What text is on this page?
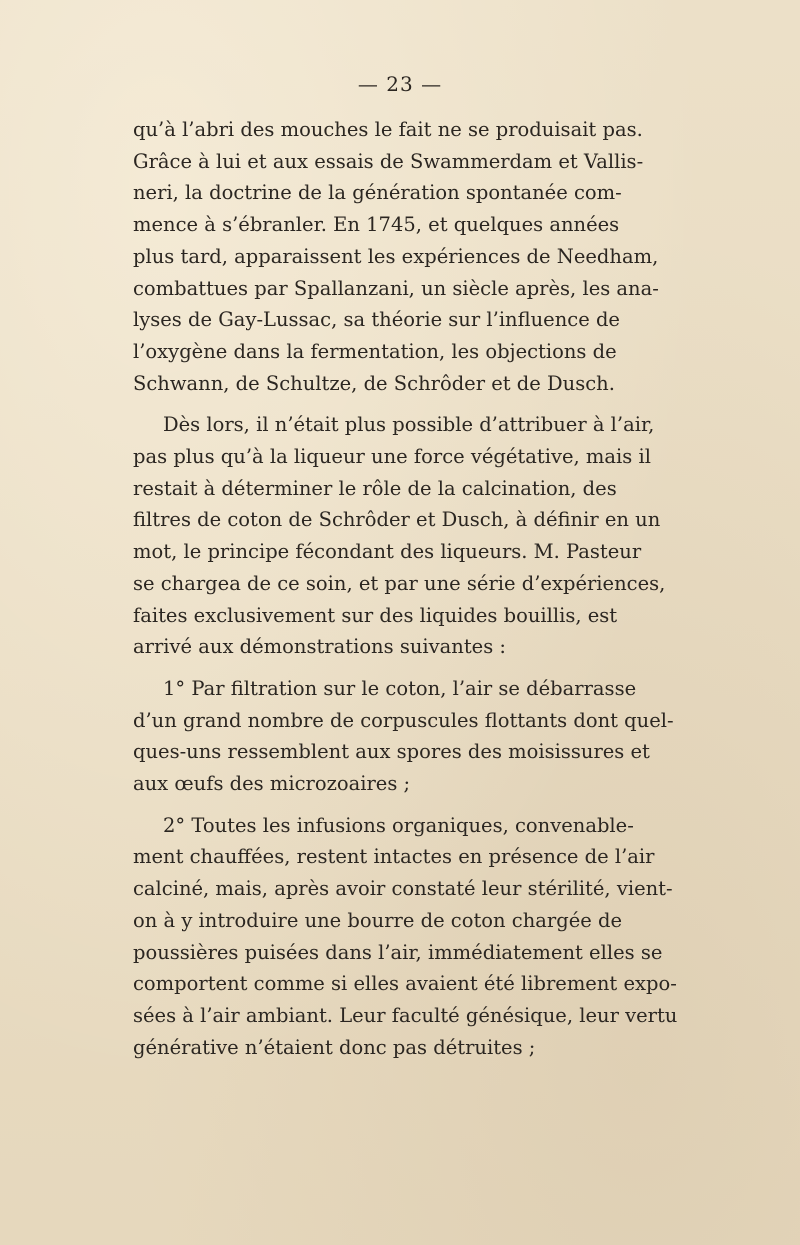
— 23 —

qu’à l’abri des mouches le fait ne se produisait pas.
Grâce à lui et aux essais de Swammerdam et Vallis-
neri, la doctrine de la génération spontanée com-
mence à s’ébranler. En 1745, et quelques années
plus tard, apparaissent les expériences de Needham,
combattues par Spallanzani, un siècle après, les ana-
lyses de Gay-Lussac, sa théorie sur l’influence de
l’oxygène dans la fermentation, les objections de
Schwann, de Schultze, de Schrôder et de Dusch.

Dès lors, il n’était plus possible d’attribuer à l’air,
pas plus qu’à la liqueur une force végétative, mais il
restait à déterminer le rôle de la calcination, des
filtres de coton de Schrôder et Dusch, à définir en un
mot, le principe fécondant des liqueurs. M. Pasteur
se chargea de ce soin, et par une série d’expériences,
faites exclusivement sur des liquides bouillis, est
arrivé aux démonstrations suivantes :

1° Par filtration sur le coton, l’air se débarrasse
d’un grand nombre de corpuscules flottants dont quel-
ques-uns ressemblent aux spores des moisissures et
aux œufs des microzoaires ;

2° Toutes les infusions organiques, convenable-
ment chauffées, restent intactes en présence de l’air
calciné, mais, après avoir constaté leur stérilité, vient-
on à y introduire une bourre de coton chargée de
poussières puisées dans l’air, immédiatement elles se
comportent comme si elles avaient été librement expo-
sées à l’air ambiant. Leur faculté génésique, leur vertu
générative n’étaient donc pas détruites ;
